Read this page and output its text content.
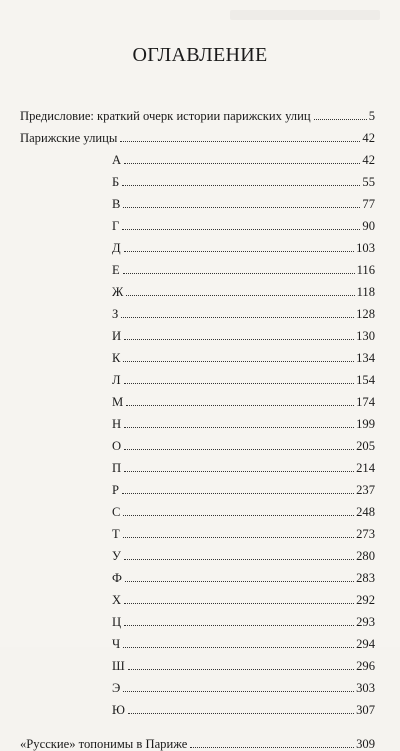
ОГЛАВЛЕНИЕ
Предисловие: краткий очерк истории парижских улиц	5
Парижские улицы	42
А	42
Б	55
В	77
Г	90
Д	103
Е	116
Ж	118
З	128
И	130
К	134
Л	154
М	174
Н	199
О	205
П	214
Р	237
С	248
Т	273
У	280
Ф	283
Х	292
Ц	293
Ч	294
Ш	296
Э	303
Ю	307
«Русские» топонимы в Париже	309
